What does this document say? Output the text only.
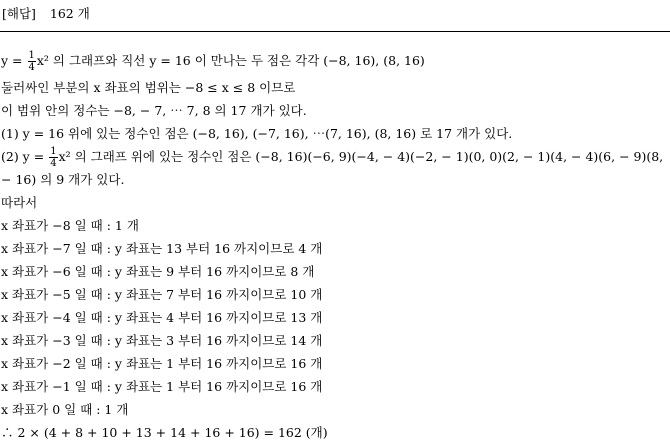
[해답] 162 개
$y = \frac{1}{4} x^2$ 의 그래프와 직선 y = 16 이 만나는 두 점은 각각 (−8, 16), (8, 16)
둘러싸인 부분의 x 좌표의 범위는 −8 ≤ x ≤ 8 이므로
이 범위 안의 정수는 −8, − 7, ⋯ 7, 8 의 17 개가 있다.
(1) y = 16 위에 있는 정수인 점은 (−8, 16), (−7, 16), ⋯(7, 16), (8, 16) 로 17 개가 있다.
(2) $y = \frac{1}{4} x^2$ 의 그래프 위에 있는 정수인 점은 (−8, 16)(−6, 9)(−4, − 4)(−2, − 1)(0, 0)(2, − 1)(4, − 4)(6, − 9)(8, − 16) 의 9 개가 있다.
따라서
x 좌표가 −8 일 때 : 1 개
x 좌표가 −7 일 때 : y 좌표는 13 부터 16 까지이므로 4 개
x 좌표가 −6 일 때 : y 좌표는 9 부터 16 까지이므로 8 개
x 좌표가 −5 일 때 : y 좌표는 7 부터 16 까지이므로 10 개
x 좌표가 −4 일 때 : y 좌표는 4 부터 16 까지이므로 13 개
x 좌표가 −3 일 때 : y 좌표는 3 부터 16 까지이므로 14 개
x 좌표가 −2 일 때 : y 좌표는 1 부터 16 까지이므로 16 개
x 좌표가 −1 일 때 : y 좌표는 1 부터 16 까지이므로 16 개
x 좌표가 0 일 때 : 1 개
∴ 2 × (4 + 8 + 10 + 13 + 14 + 16 + 16) = 162 (개)
